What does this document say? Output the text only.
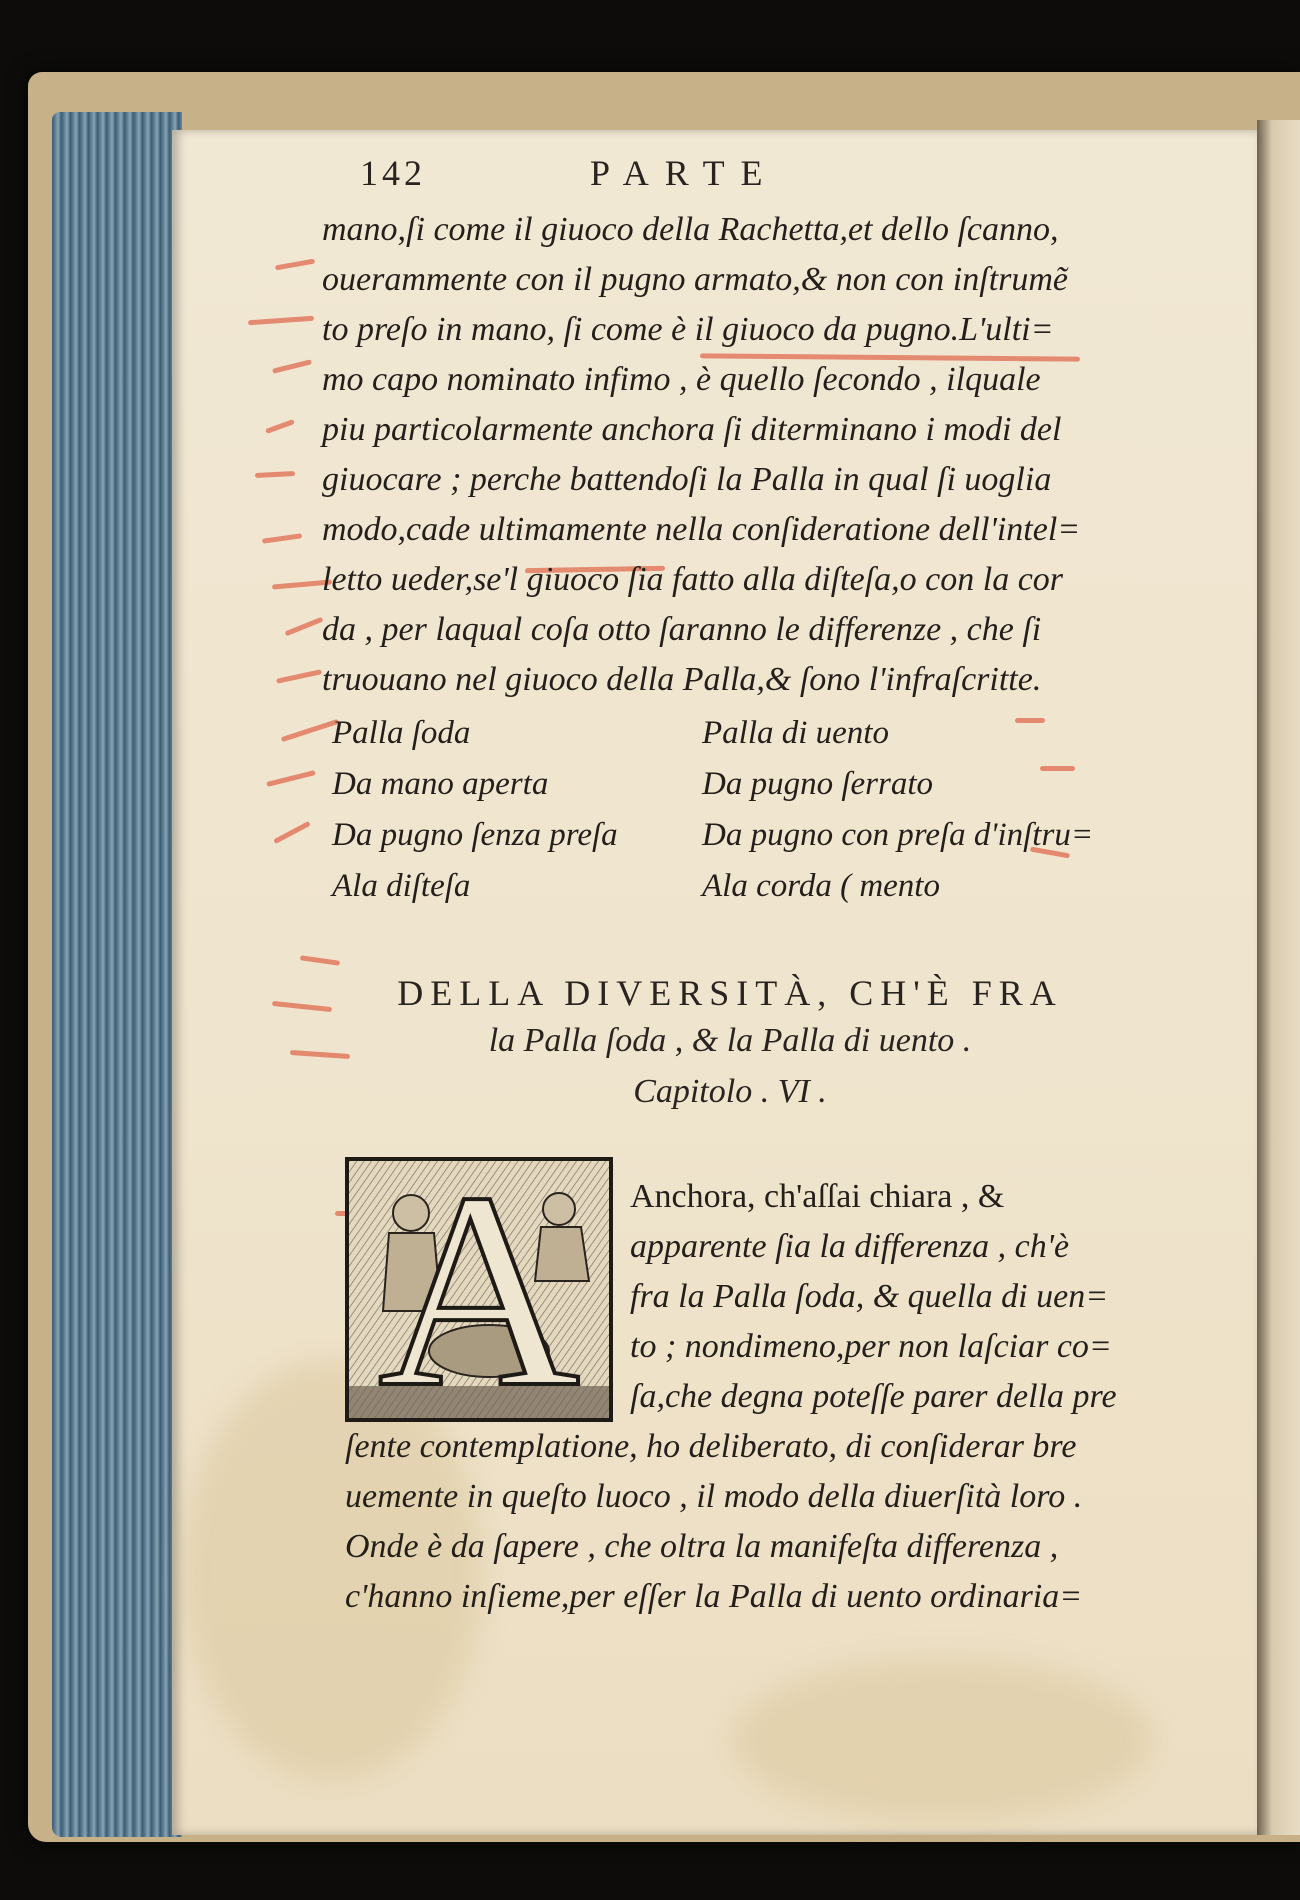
142	PARTE
mano,ſi come il giuoco della Rachetta,et dello ſcanno,
ouerammente con il pugno armato,& non con inſtrumẽ
to preſo in mano, ſi come è il giuoco da pugno.L'ulti=
mo capo nominato infimo , è quello ſecondo , ilquale
piu particolarmente anchora ſi diterminano i modi del
giuocare ; perche battendoſi la Palla in qual ſi uoglia
modo,cade ultimamente nella conſideratione dell'intel=
letto ueder,se'l giuoco ſia fatto alla diſteſa,o con la cor
da , per laqual coſa otto ſaranno le differenze , che ſi
truouano nel giuoco della Palla,& ſono l'infraſcritte.
Palla ſoda	Palla di uento
Da mano aperta	Da pugno ſerrato
Da pugno ſenza preſa	Da pugno con preſa d'inſtru=
Ala diſteſa	Ala corda ( mento
DELLA DIVERSITÀ, CH'È FRA
la Palla ſoda , & la Palla di uento .
Capitolo . VI .
A	Anchora, ch'aſſai chiara , &
apparente ſia la differenza , ch'è
fra la Palla ſoda, & quella di uen=
to ; nondimeno,per non laſciar co=
ſa,che degna poteſſe parer della pre
ſente contemplatione, ho deliberato, di conſiderar bre
uemente in queſto luoco , il modo della diuerſità loro .
Onde è da ſapere , che oltra la manifeſta differenza ,
c'hanno inſieme,per eſſer la Palla di uento ordinaria=
